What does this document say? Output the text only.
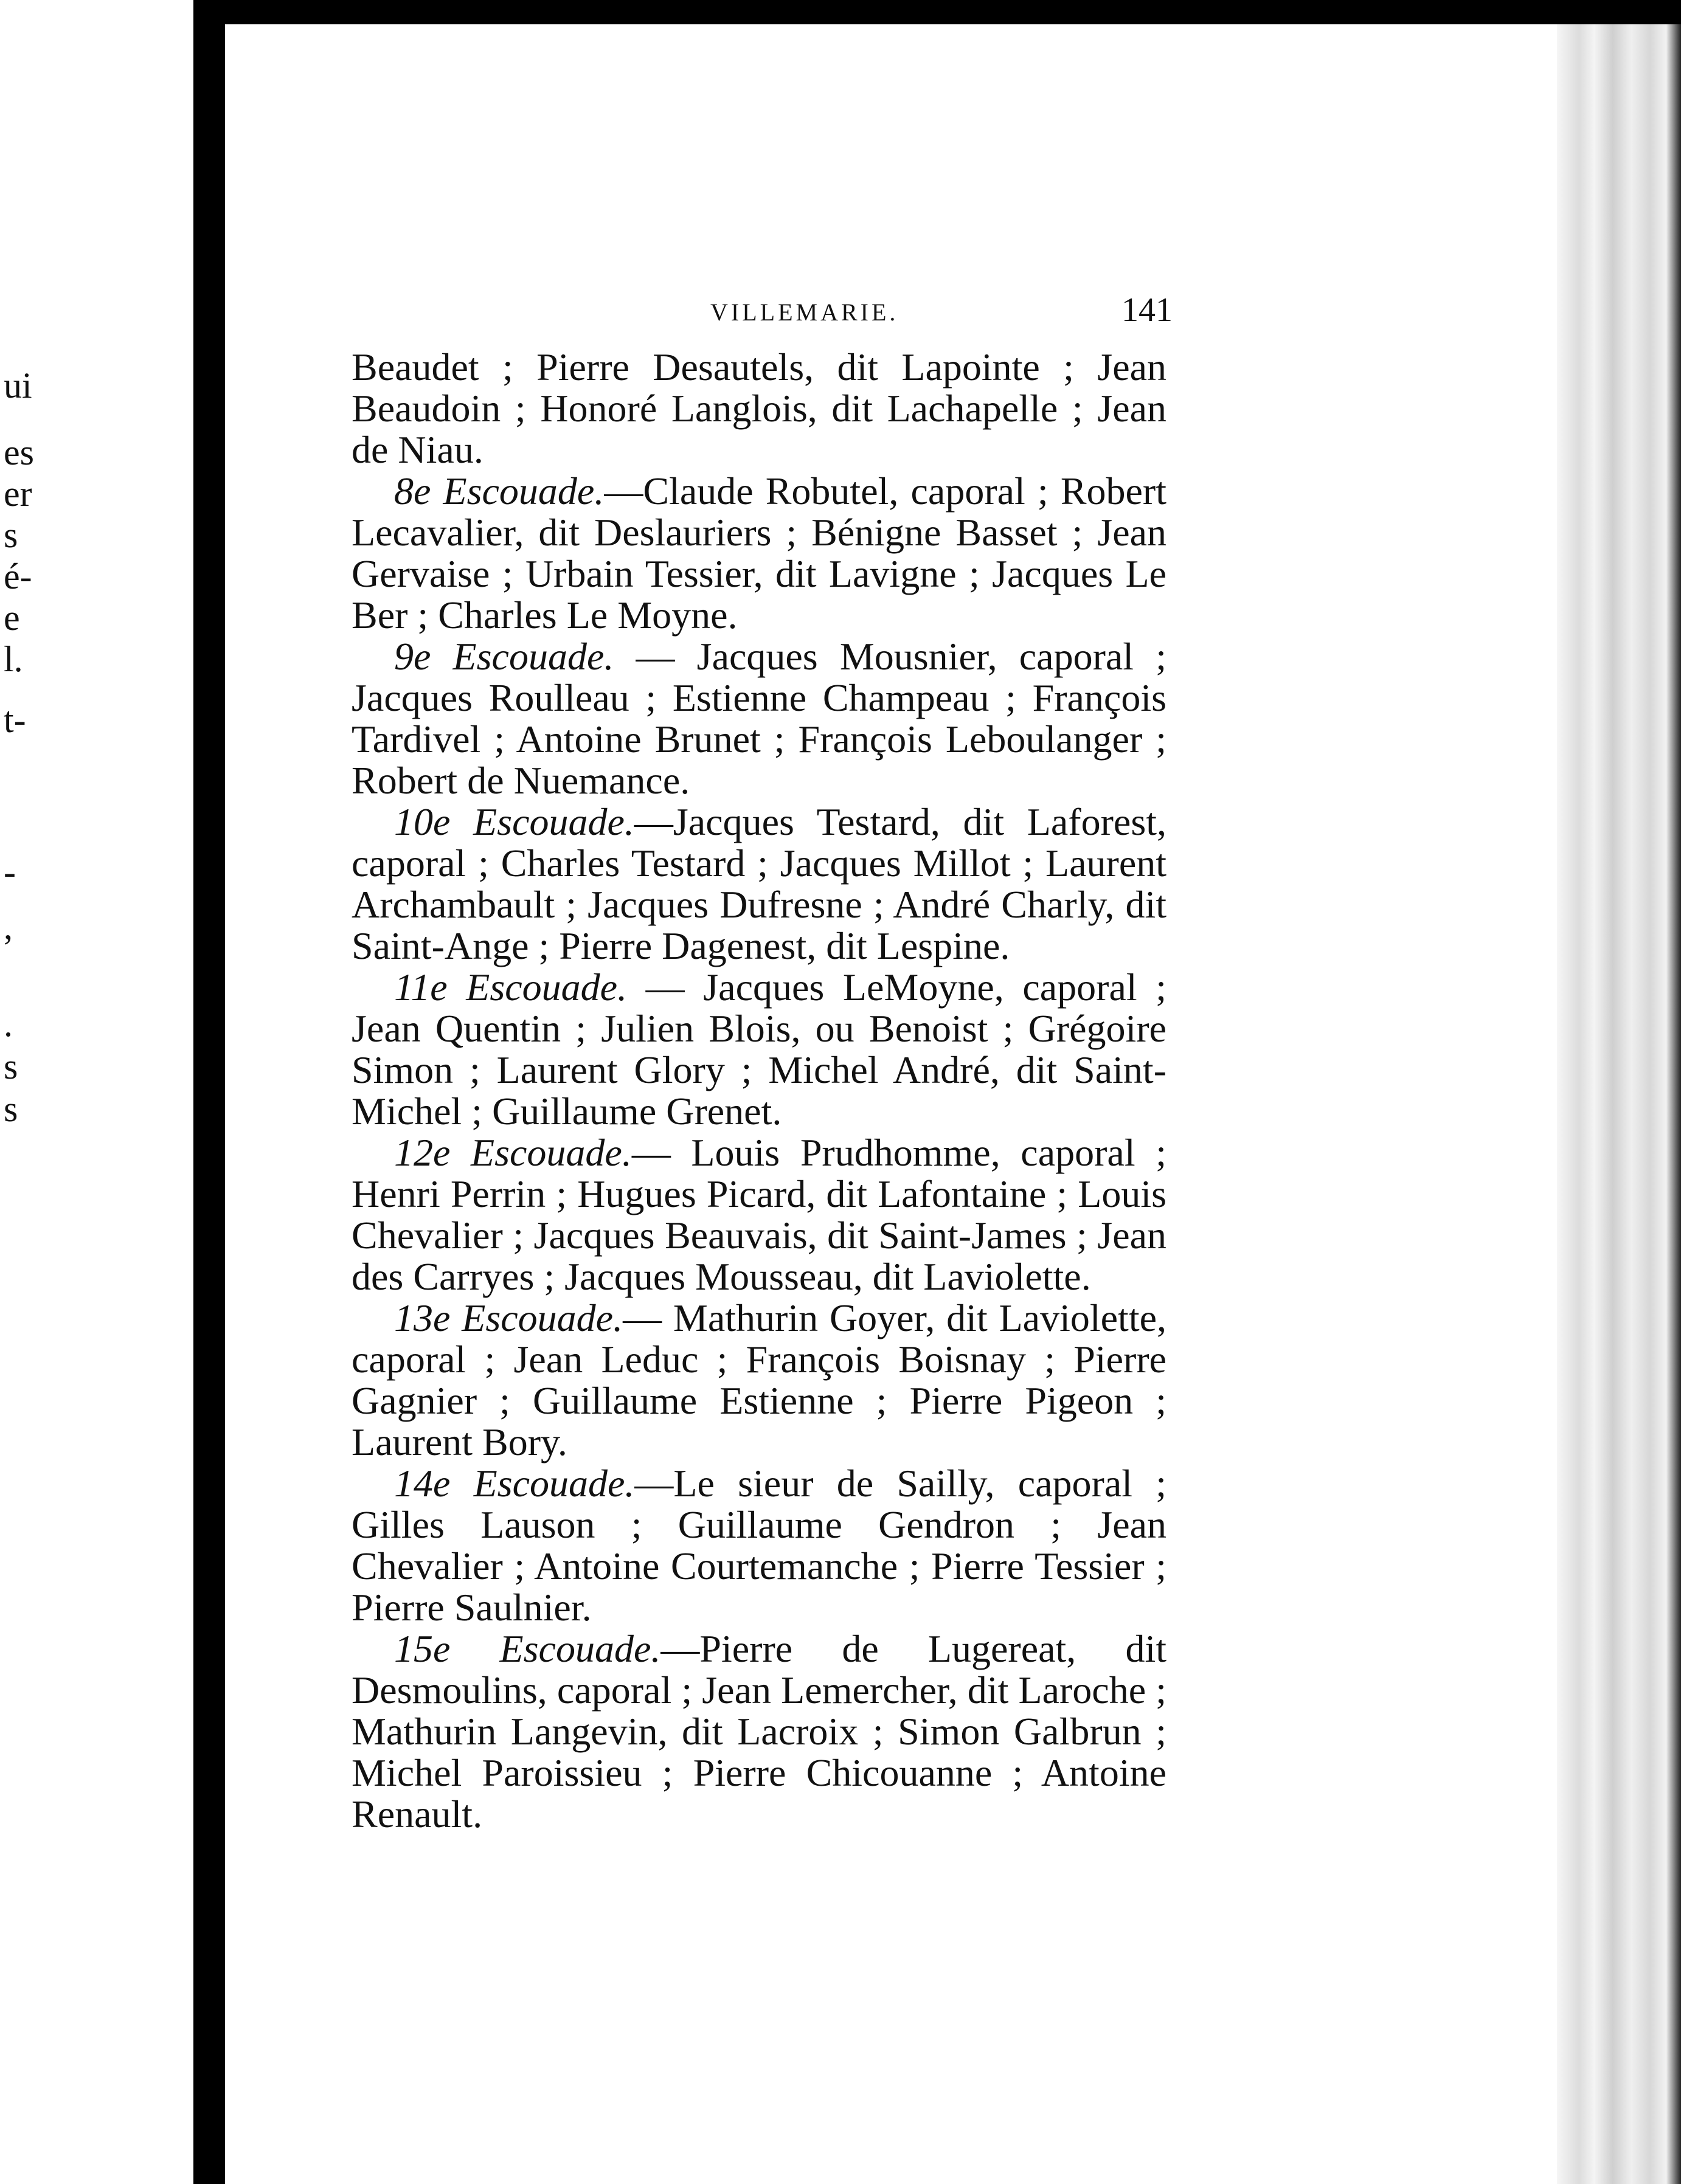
ui
es
er
s
é-
e
l.
t-
-
,
.
s
s
VILLEMARIE.	141

Beaudet ; Pierre Desautels, dit Lapointe ; Jean Beaudoin ; Honoré Langlois, dit Lachapelle ; Jean de Niau.

8e Escouade.—Claude Robutel, caporal ; Robert Lecavalier, dit Deslauriers ; Bénigne Basset ; Jean Gervaise ; Urbain Tessier, dit Lavigne ; Jacques Le Ber ; Charles Le Moyne.

9e Escouade. — Jacques Mousnier, caporal ; Jacques Roulleau ; Estienne Champeau ; François Tardivel ; Antoine Brunet ; François Leboulanger ; Robert de Nuemance.

10e Escouade.—Jacques Testard, dit Laforest, caporal ; Charles Testard ; Jacques Millot ; Laurent Archambault ; Jacques Dufresne ; André Charly, dit Saint-Ange ; Pierre Dagenest, dit Lespine.

11e Escouade. — Jacques LeMoyne, caporal ; Jean Quentin ; Julien Blois, ou Benoist ; Grégoire Simon ; Laurent Glory ; Michel André, dit Saint-Michel ; Guillaume Grenet.

12e Escouade.— Louis Prudhomme, caporal ; Henri Perrin ; Hugues Picard, dit Lafontaine ; Louis Chevalier ; Jacques Beauvais, dit Saint-James ; Jean des Carryes ; Jacques Mousseau, dit Laviolette.

13e Escouade.— Mathurin Goyer, dit Laviolette, caporal ; Jean Leduc ; François Boisnay ; Pierre Gagnier ; Guillaume Estienne ; Pierre Pigeon ; Laurent Bory.

14e Escouade.—Le sieur de Sailly, caporal ; Gilles Lauson ; Guillaume Gendron ; Jean Chevalier ; Antoine Courtemanche ; Pierre Tessier ; Pierre Saulnier.

15e Escouade.—Pierre de Lugereat, dit Desmoulins, caporal ; Jean Lemercher, dit Laroche ; Mathurin Langevin, dit Lacroix ; Simon Galbrun ; Michel Paroissieu ; Pierre Chicouanne ; Antoine Renault.
